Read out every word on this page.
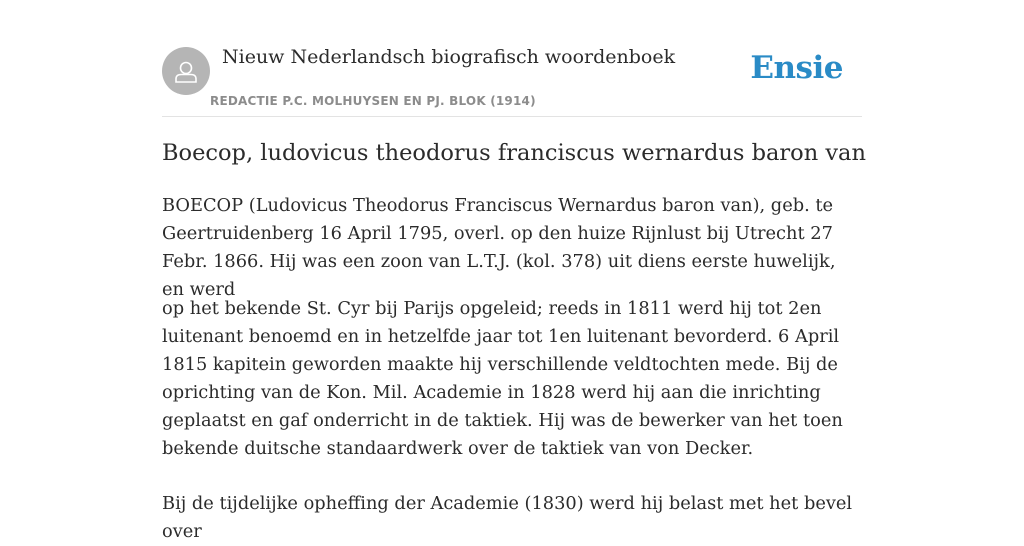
Nieuw Nederlandsch biografisch woordenboek
REDACTIE P.C. MOLHUYSEN EN PJ. BLOK (1914)
Ensie
Boecop, ludovicus theodorus franciscus wernardus baron van

BOECOP (Ludovicus Theodorus Franciscus Wernardus baron van), geb. te Geertruidenberg 16 April 1795, overl. op den huize Rijnlust bij Utrecht 27 Febr. 1866. Hij was een zoon van L.T.J. (kol. 378) uit diens eerste huwelijk, en werd

op het bekende St. Cyr bij Parijs opgeleid; reeds in 1811 werd hij tot 2en luitenant benoemd en in hetzelfde jaar tot 1en luitenant bevorderd. 6 April 1815 kapitein geworden maakte hij verschillende veldtochten mede. Bij de oprichting van de Kon. Mil. Academie in 1828 werd hij aan die inrichting geplaatst en gaf onderricht in de taktiek. Hij was de bewerker van het toen bekende duitsche standaardwerk over de taktiek van von Decker.

Bij de tijdelijke opheffing der Academie (1830) werd hij belast met het bevel over
